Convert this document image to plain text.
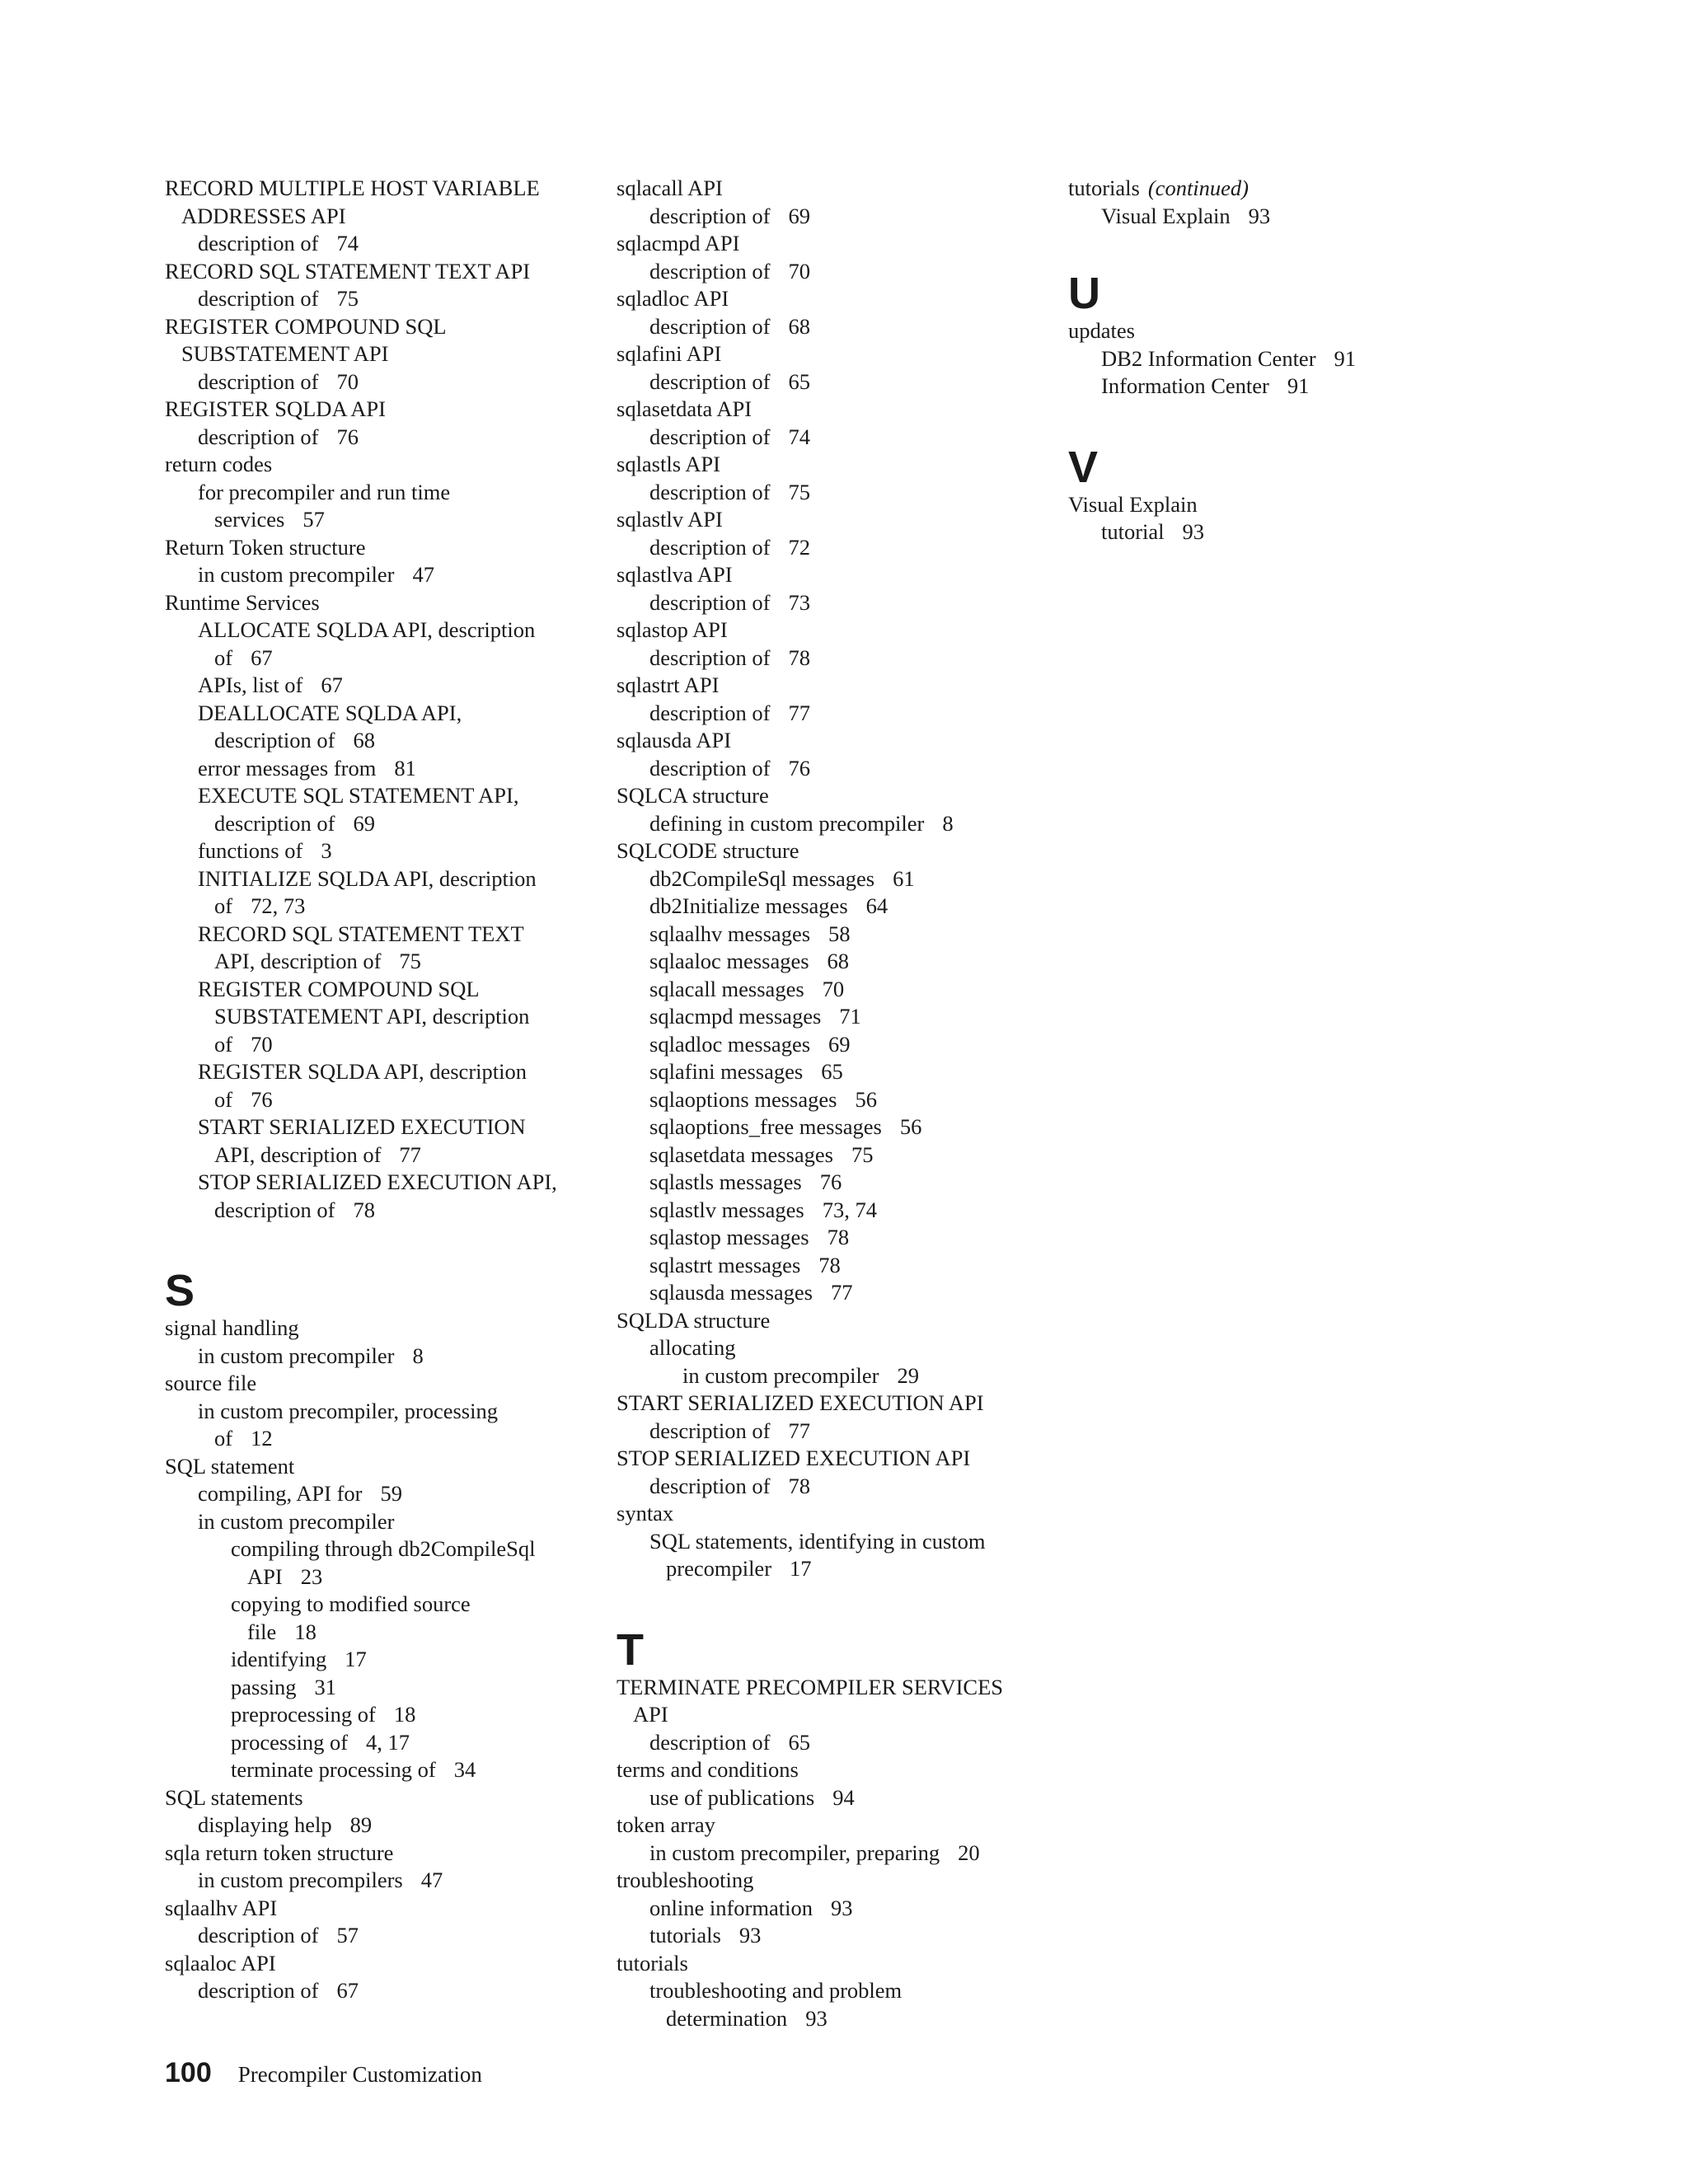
RECORD MULTIPLE HOST VARIABLE
ADDRESSES API
description of 74
RECORD SQL STATEMENT TEXT API
description of 75
REGISTER COMPOUND SQL
SUBSTATEMENT API
description of 70
REGISTER SQLDA API
description of 76
return codes
for precompiler and run time
services 57
Return Token structure
in custom precompiler 47
Runtime Services
ALLOCATE SQLDA API, description
of 67
APIs, list of 67
DEALLOCATE SQLDA API,
description of 68
error messages from 81
EXECUTE SQL STATEMENT API,
description of 69
functions of 3
INITIALIZE SQLDA API, description
of 72, 73
RECORD SQL STATEMENT TEXT
API, description of 75
REGISTER COMPOUND SQL
SUBSTATEMENT API, description
of 70
REGISTER SQLDA API, description
of 76
START SERIALIZED EXECUTION
API, description of 77
STOP SERIALIZED EXECUTION API,
description of 78
S
signal handling
in custom precompiler 8
source file
in custom precompiler, processing
of 12
SQL statement
compiling, API for 59
in custom precompiler
compiling through db2CompileSql
API 23
copying to modified source
file 18
identifying 17
passing 31
preprocessing of 18
processing of 4, 17
terminate processing of 34
SQL statements
displaying help 89
sqla return token structure
in custom precompilers 47
sqlaalhv API
description of 57
sqlaaloc API
description of 67
sqlacall API
description of 69
sqlacmpd API
description of 70
sqladloc API
description of 68
sqlafini API
description of 65
sqlasetdata API
description of 74
sqlastls API
description of 75
sqlastlv API
description of 72
sqlastlva API
description of 73
sqlastop API
description of 78
sqlastrt API
description of 77
sqlausda API
description of 76
SQLCA structure
defining in custom precompiler 8
SQLCODE structure
db2CompileSql messages 61
db2Initialize messages 64
sqlaalhv messages 58
sqlaaloc messages 68
sqlacall messages 70
sqlacmpd messages 71
sqladloc messages 69
sqlafini messages 65
sqlaoptions messages 56
sqlaoptions_free messages 56
sqlasetdata messages 75
sqlastls messages 76
sqlastlv messages 73, 74
sqlastop messages 78
sqlastrt messages 78
sqlausda messages 77
SQLDA structure
allocating
in custom precompiler 29
START SERIALIZED EXECUTION API
description of 77
STOP SERIALIZED EXECUTION API
description of 78
syntax
SQL statements, identifying in custom
precompiler 17
T
TERMINATE PRECOMPILER SERVICES
API
description of 65
terms and conditions
use of publications 94
token array
in custom precompiler, preparing 20
troubleshooting
online information 93
tutorials 93
tutorials
troubleshooting and problem
determination 93
tutorials (continued)
Visual Explain 93
U
updates
DB2 Information Center 91
Information Center 91
V
Visual Explain
tutorial 93
100 Precompiler Customization
